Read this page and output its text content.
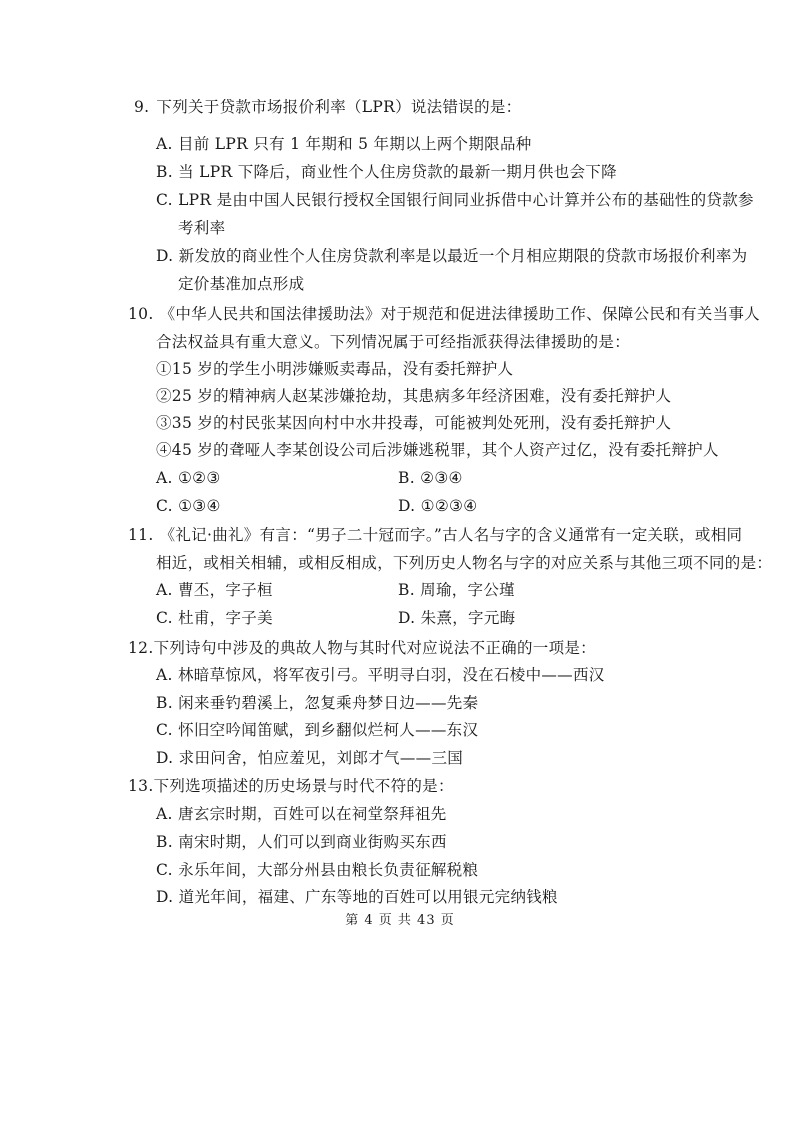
9. 下列关于贷款市场报价利率（LPR）说法错误的是：
A. 目前 LPR 只有 1 年期和 5 年期以上两个期限品种
B. 当 LPR 下降后，商业性个人住房贷款的最新一期月供也会下降
C. LPR 是由中国人民银行授权全国银行间同业拆借中心计算并公布的基础性的贷款参
考利率
D. 新发放的商业性个人住房贷款利率是以最近一个月相应期限的贷款市场报价利率为
定价基准加点形成
10. 《中华人民共和国法律援助法》对于规范和促进法律援助工作、保障公民和有关当事人
合法权益具有重大意义。下列情况属于可经指派获得法律援助的是：
①15 岁的学生小明涉嫌贩卖毒品，没有委托辩护人
②25 岁的精神病人赵某涉嫌抢劫，其患病多年经济困难，没有委托辩护人
③35 岁的村民张某因向村中水井投毒，可能被判处死刑，没有委托辩护人
④45 岁的聋哑人李某创设公司后涉嫌逃税罪，其个人资产过亿，没有委托辩护人
A. ①②③	B. ②③④
C. ①③④	D. ①②③④
11. 《礼记·曲礼》有言：“男子二十冠而字。”古人名与字的含义通常有一定关联，或相同
相近，或相关相辅，或相反相成，下列历史人物名与字的对应关系与其他三项不同的是：
A. 曹丕，字子桓	B. 周瑜，字公瑾
C. 杜甫，字子美	D. 朱熹，字元晦
12.下列诗句中涉及的典故人物与其时代对应说法不正确的一项是：
A. 林暗草惊风，将军夜引弓。平明寻白羽，没在石棱中——西汉
B. 闲来垂钓碧溪上，忽复乘舟梦日边——先秦
C. 怀旧空吟闻笛赋，到乡翻似烂柯人——东汉
D. 求田问舍，怕应羞见，刘郎才气——三国
13.下列选项描述的历史场景与时代不符的是：
A. 唐玄宗时期，百姓可以在祠堂祭拜祖先
B. 南宋时期，人们可以到商业街购买东西
C. 永乐年间，大部分州县由粮长负责征解税粮
D. 道光年间，福建、广东等地的百姓可以用银元完纳钱粮
第 4 页 共 43 页
